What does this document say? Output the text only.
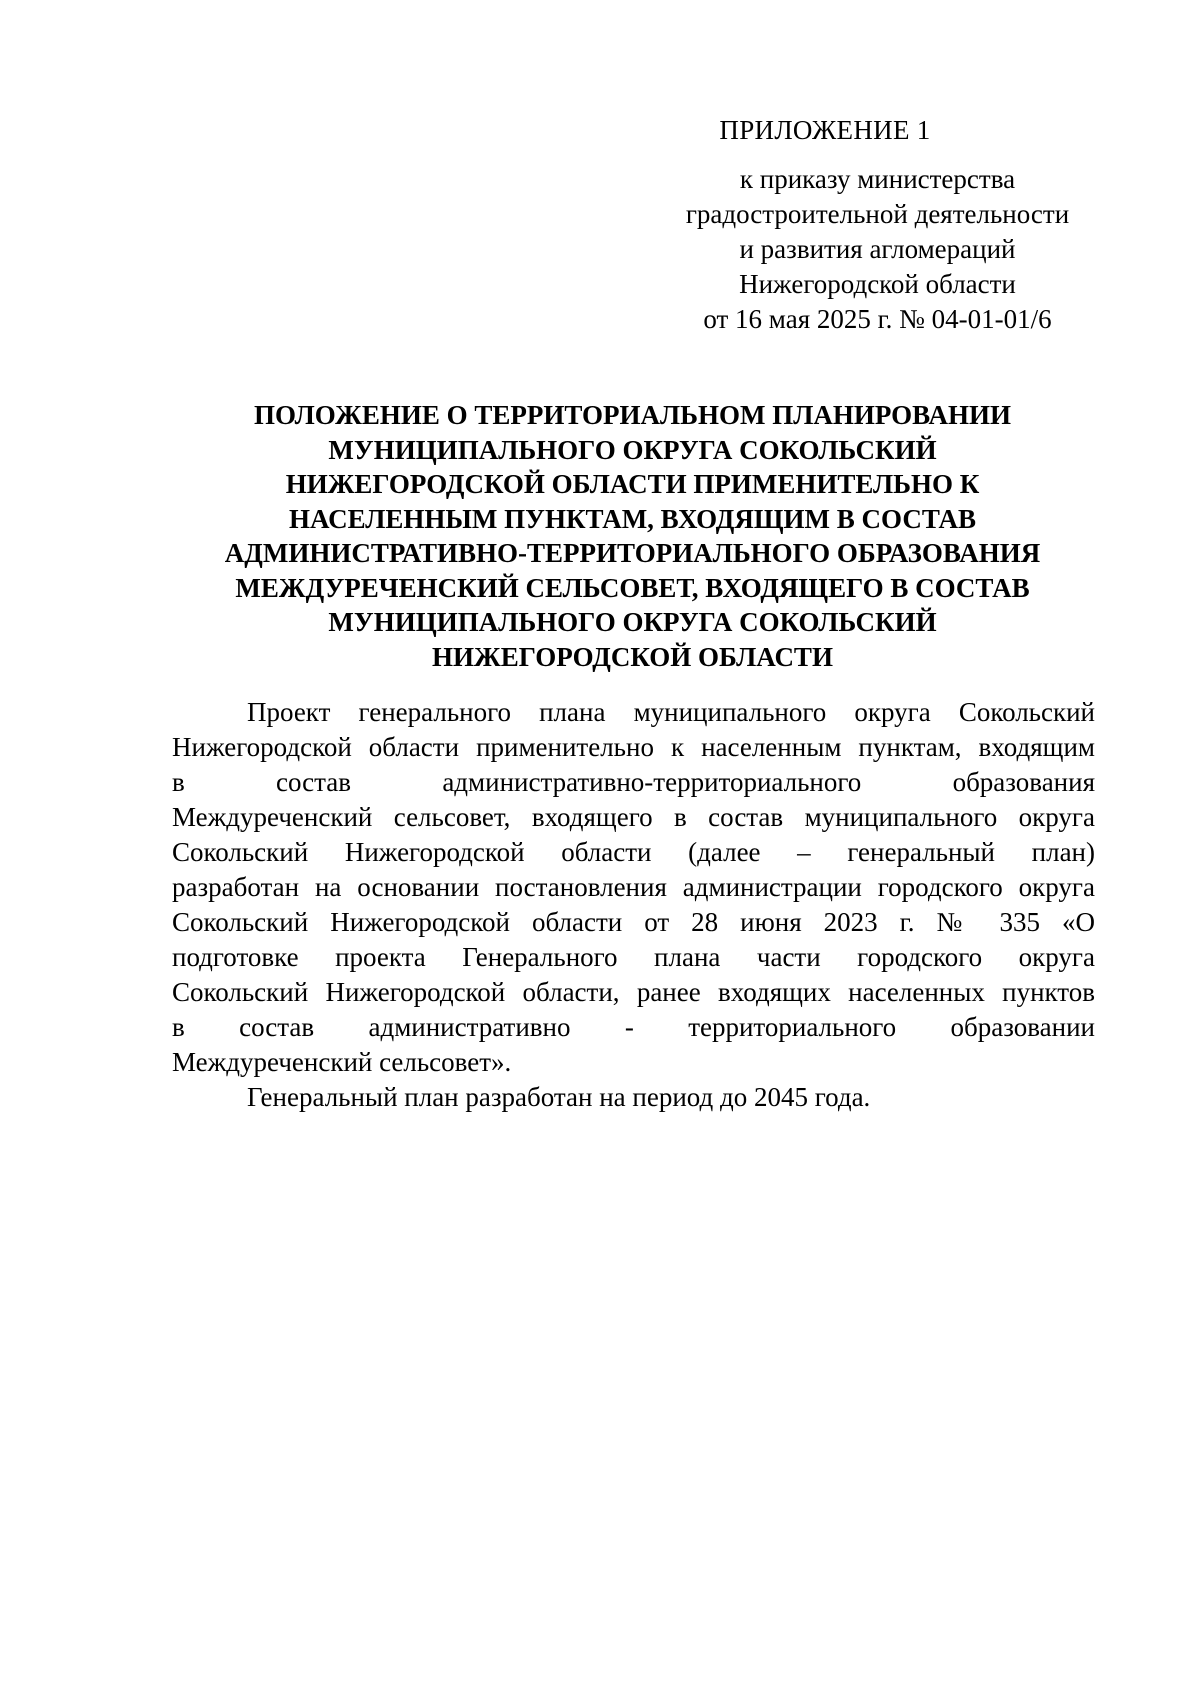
ПРИЛОЖЕНИЕ 1
к приказу министерства
градостроительной деятельности
и развития агломераций
Нижегородской области
от 16 мая 2025 г. № 04-01-01/6
ПОЛОЖЕНИЕ О ТЕРРИТОРИАЛЬНОМ ПЛАНИРОВАНИИ
МУНИЦИПАЛЬНОГО ОКРУГА СОКОЛЬСКИЙ
НИЖЕГОРОДСКОЙ ОБЛАСТИ ПРИМЕНИТЕЛЬНО К
НАСЕЛЕННЫМ ПУНКТАМ, ВХОДЯЩИМ В СОСТАВ
АДМИНИСТРАТИВНО-ТЕРРИТОРИАЛЬНОГО ОБРАЗОВАНИЯ
МЕЖДУРЕЧЕНСКИЙ СЕЛЬСОВЕТ, ВХОДЯЩЕГО В СОСТАВ
МУНИЦИПАЛЬНОГО ОКРУГА СОКОЛЬСКИЙ
НИЖЕГОРОДСКОЙ ОБЛАСТИ
Проект генерального плана муниципального округа Сокольский
Нижегородской области применительно к населенным пунктам, входящим
в состав административно-территориального образования
Междуреченский сельсовет, входящего в состав муниципального округа
Сокольский Нижегородской области (далее – генеральный план)
разработан на основании постановления администрации городского округа
Сокольский Нижегородской области от 28 июня 2023 г. № 335 «О
подготовке проекта Генерального плана части городского округа
Сокольский Нижегородской области, ранее входящих населенных пунктов
в состав административно - территориального образовании
Междуреченский сельсовет».
Генеральный план разработан на период до 2045 года.
